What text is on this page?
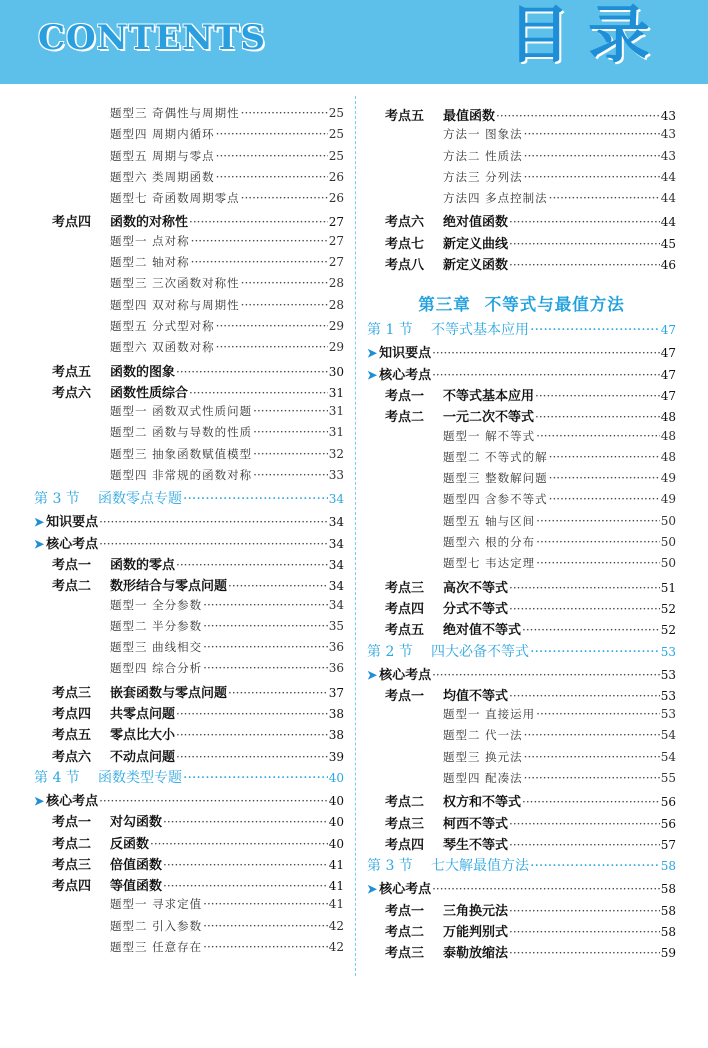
CONTENTS	目录
题型三 奇偶性与周期性 ·····	25
题型四 周期内循环 ·····	25
题型五 周期与零点 ·····	25
题型六 类周期函数 ·····	26
题型七 奇函数周期零点 ·····	26
考点四 函数的对称性 ·····	27
题型一 点对称 ·····	27
题型二 轴对称 ·····	27
题型三 三次函数对称性 ·····	28
题型四 双对称与周期性 ·····	28
题型五 分式型对称 ·····	29
题型六 双函数对称 ·····	29
考点五 函数的图象 ·····	30
考点六 函数性质综合 ·····	31
题型一 函数双式性质问题 ·····	31
题型二 函数与导数的性质 ·····	31
题型三 抽象函数赋值模型 ·····	32
题型四 非常规的函数对称 ·····	33
第 3 节 函数零点专题 ·····	34
➤ 知识要点 ·····	34
➤ 核心考点 ·····	34
考点一 函数的零点 ·····	34
考点二 数形结合与零点问题 ·····	34
题型一 全分参数 ·····	34
题型二 半分参数 ·····	35
题型三 曲线相交 ·····	36
题型四 综合分析 ·····	36
考点三 嵌套函数与零点问题 ·····	37
考点四 共零点问题 ·····	38
考点五 零点比大小 ·····	38
考点六 不动点问题 ·····	39
第 4 节 函数类型专题 ·····	40
➤ 核心考点 ·····	40
考点一 对勾函数 ·····	40
考点二 反函数 ·····	40
考点三 倍值函数 ·····	41
考点四 等值函数 ·····	41
题型一 寻求定值 ·····	41
题型二 引入参数 ·····	42
题型三 任意存在 ·····	42
考点五 最值函数 ·····	43
方法一 图象法 ·····	43
方法二 性质法 ·····	43
方法三 分列法 ·····	44
方法四 多点控制法 ·····	44
考点六 绝对值函数 ·····	44
考点七 新定义曲线 ·····	45
考点八 新定义函数 ·····	46
第三章 不等式与最值方法
第 1 节 不等式基本应用 ·····	47
➤ 知识要点 ·····	47
➤ 核心考点 ·····	47
考点一 不等式基本应用 ·····	47
考点二 一元二次不等式 ·····	48
题型一 解不等式 ·····	48
题型二 不等式的解 ·····	48
题型三 整数解问题 ·····	49
题型四 含参不等式 ·····	49
题型五 轴与区间 ·····	50
题型六 根的分布 ·····	50
题型七 韦达定理 ·····	50
考点三 高次不等式 ·····	51
考点四 分式不等式 ·····	52
考点五 绝对值不等式 ·····	52
第 2 节 四大必备不等式 ·····	53
➤ 核心考点 ·····	53
考点一 均值不等式 ·····	53
题型一 直接运用 ·····	53
题型二 代一法 ·····	54
题型三 换元法 ·····	54
题型四 配凑法 ·····	55
考点二 权方和不等式 ·····	56
考点三 柯西不等式 ·····	56
考点四 琴生不等式 ·····	57
第 3 节 七大解最值方法 ·····	58
➤ 核心考点 ·····	58
考点一 三角换元法 ·····	58
考点二 万能判别式 ·····	58
考点三 泰勒放缩法 ·····	59
